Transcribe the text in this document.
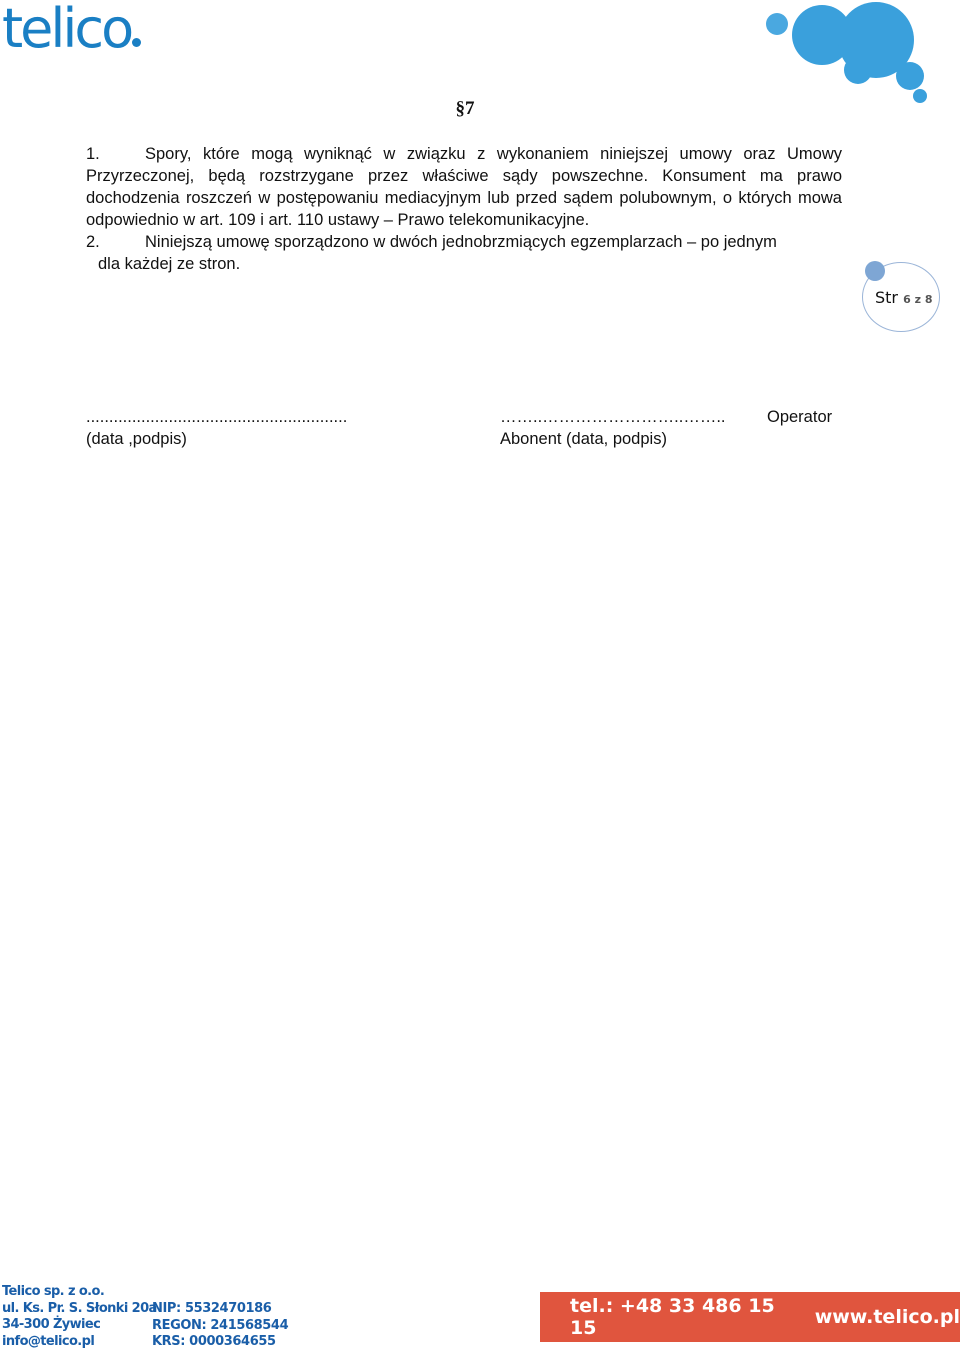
telico
§7
1.	Spory, które mogą wyniknąć w związku z wykonaniem niniejszej umowy oraz Umowy Przyrzeczonej, będą rozstrzygane przez właściwe sądy powszechne. Konsument ma prawo dochodzenia roszczeń w postępowaniu mediacyjnym lub przed sądem polubownym, o których mowa odpowiednio w art. 109 i art. 110 ustawy – Prawo telekomunikacyjne.
2.	Niniejszą umowę sporządzono w dwóch jednobrzmiących egzemplarzach – po jednym
dla każdej ze stron.
Str 6 z 8
.........................................................
(data ,podpis)
……..……………………..……..
Abonent (data, podpis)
Operator
Telico sp. z o.o.
ul. Ks. Pr. S. Słonki 20a
34-300 Żywiec
info@telico.pl
NIP: 5532470186
REGON: 241568544
KRS: 0000364655
tel.: +48 33 486 15 15	www.telico.pl
